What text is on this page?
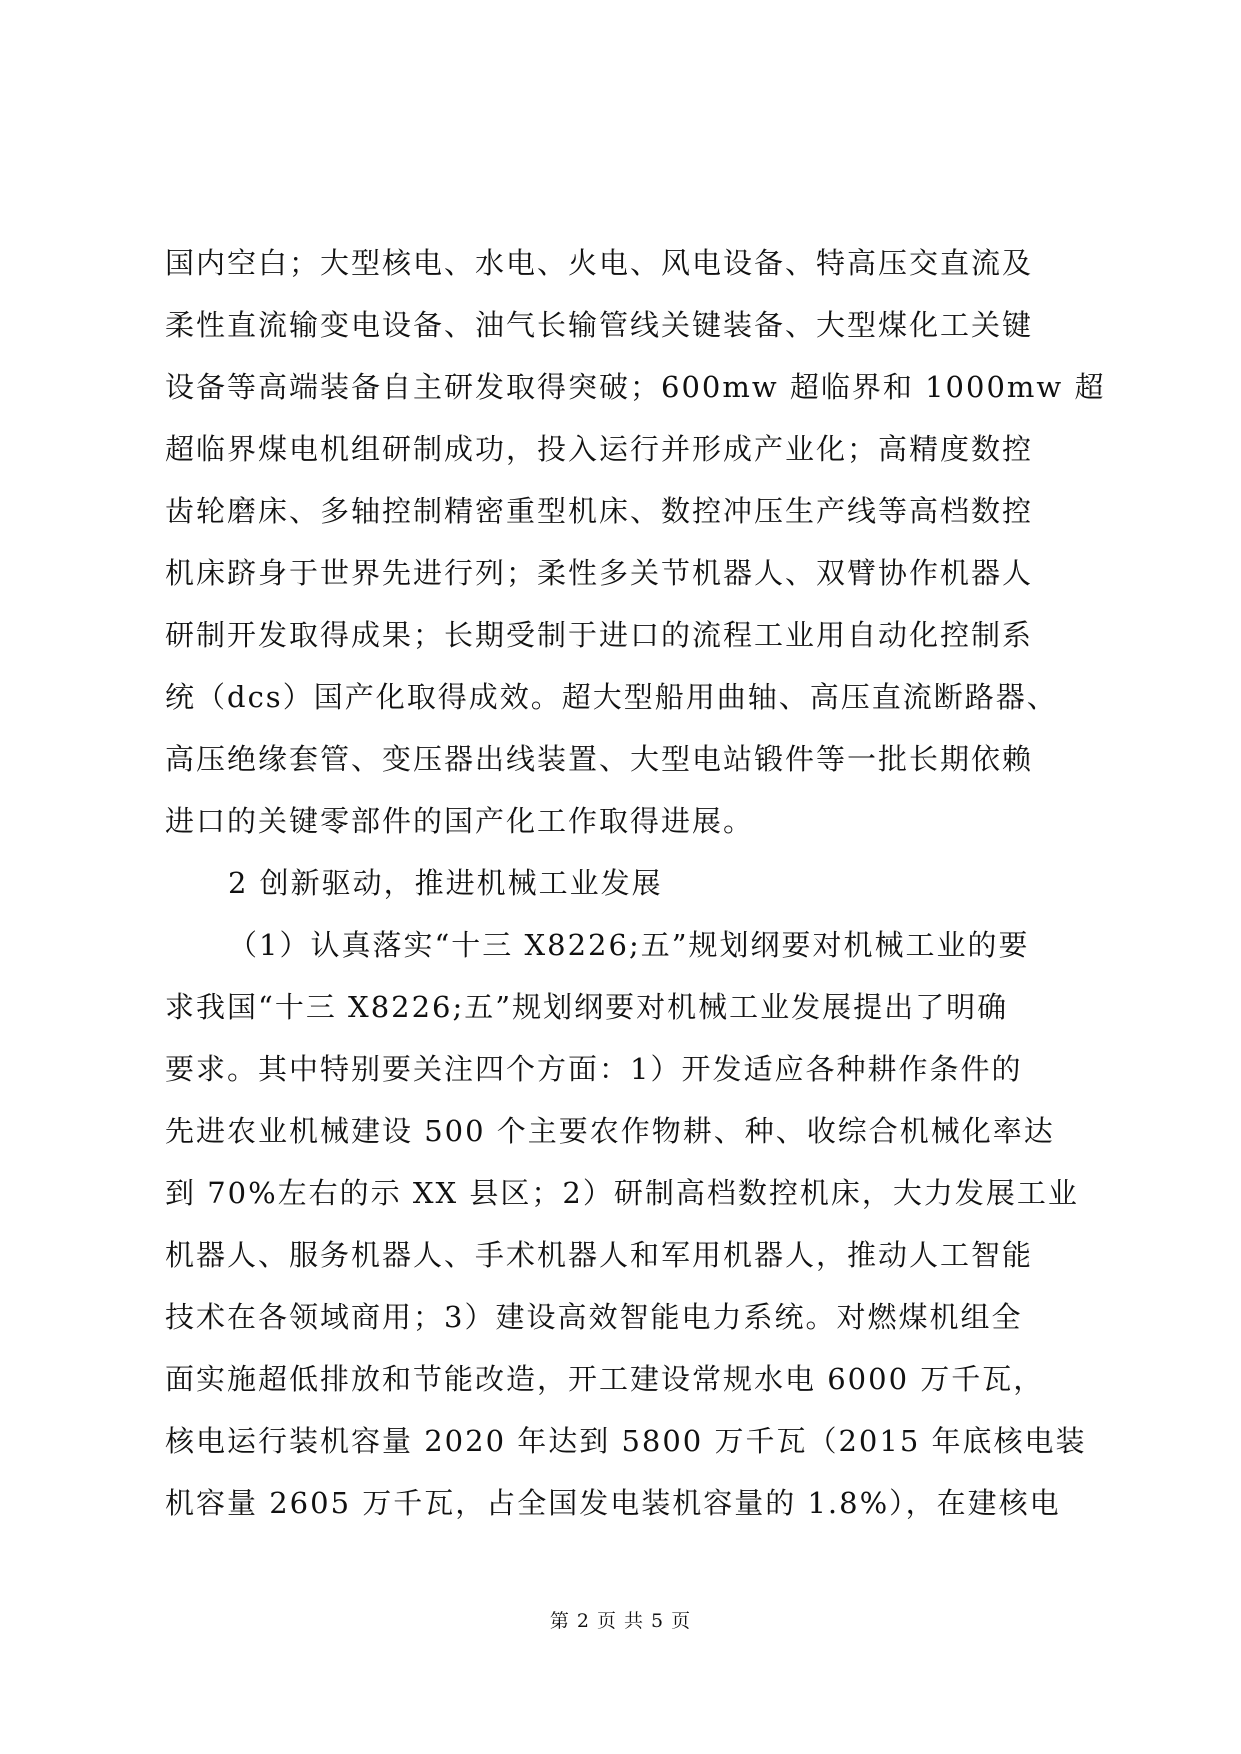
国内空白；大型核电、水电、火电、风电设备、特高压交直流及
柔性直流输变电设备、油气长输管线关键装备、大型煤化工关键
设备等高端装备自主研发取得突破；600mw 超临界和 1000mw 超
超临界煤电机组研制成功，投入运行并形成产业化；高精度数控
齿轮磨床、多轴控制精密重型机床、数控冲压生产线等高档数控
机床跻身于世界先进行列；柔性多关节机器人、双臂协作机器人
研制开发取得成果；长期受制于进口的流程工业用自动化控制系
统（dcs）国产化取得成效。超大型船用曲轴、高压直流断路器、
高压绝缘套管、变压器出线装置、大型电站锻件等一批长期依赖
进口的关键零部件的国产化工作取得进展。
2 创新驱动，推进机械工业发展
（1）认真落实“十三 X8226;五”规划纲要对机械工业的要
求我国“十三 X8226;五”规划纲要对机械工业发展提出了明确
要求。其中特别要关注四个方面：1）开发适应各种耕作条件的
先进农业机械建设 500 个主要农作物耕、种、收综合机械化率达
到 70%左右的示 XX 县区；2）研制高档数控机床，大力发展工业
机器人、服务机器人、手术机器人和军用机器人，推动人工智能
技术在各领域商用；3）建设高效智能电力系统。对燃煤机组全
面实施超低排放和节能改造，开工建设常规水电 6000 万千瓦，
核电运行装机容量 2020 年达到 5800 万千瓦（2015 年底核电装
机容量 2605 万千瓦，占全国发电装机容量的 1.8%），在建核电
第 2 页 共 5 页
